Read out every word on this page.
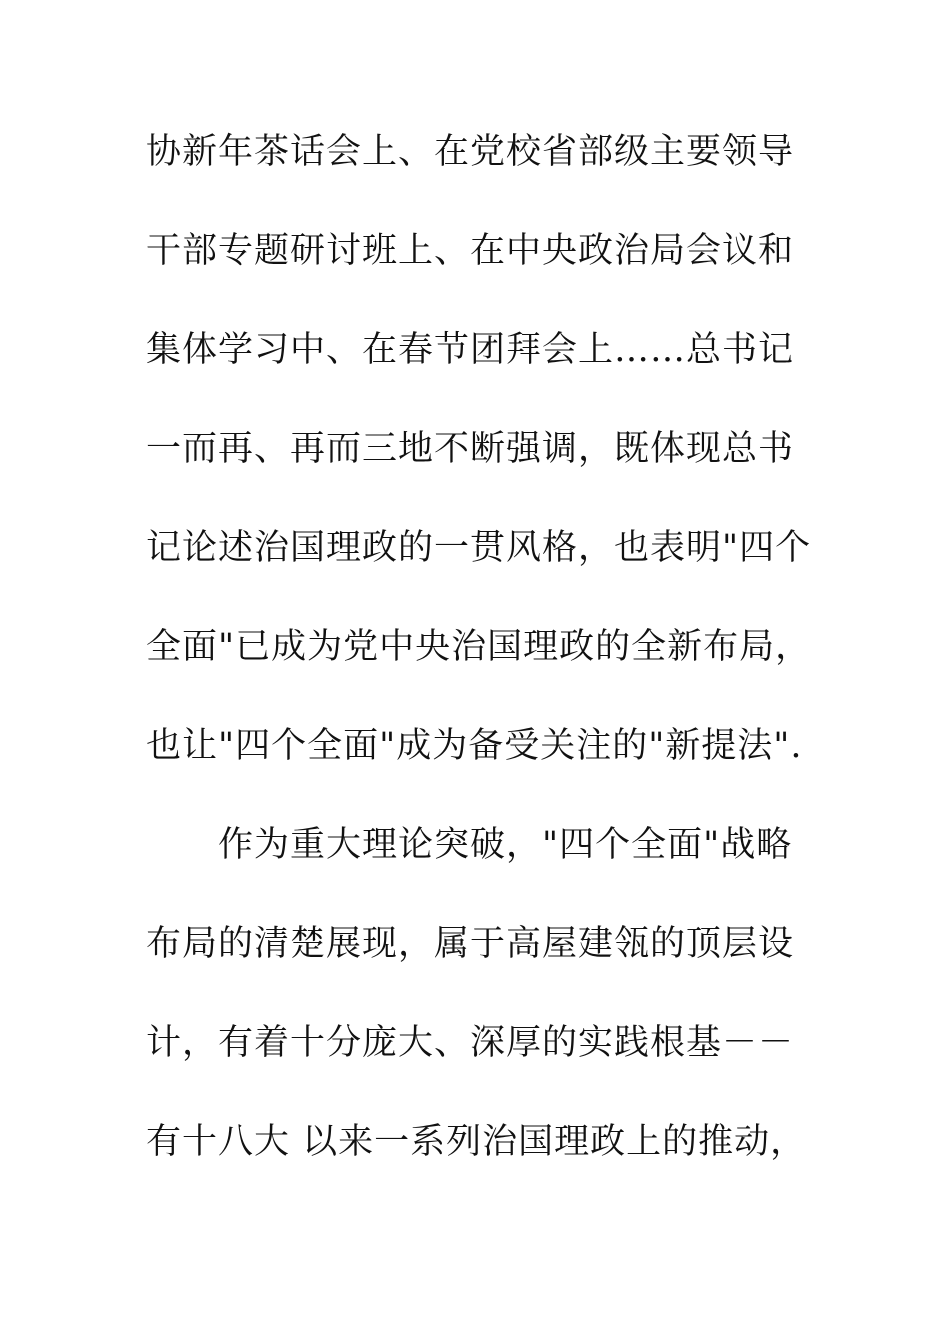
协新年茶话会上、在党校省部级主要领导
干部专题研讨班上、在中央政治局会议和
集体学习中、在春节团拜会上……总书记
一而再、再而三地不断强调，既体现总书
记论述治国理政的一贯风格，也表明"四个
全面"已成为党中央治国理政的全新布局，
也让"四个全面"成为备受关注的"新提法".
　　作为重大理论突破，"四个全面"战略
布局的清楚展现，属于高屋建瓴的顶层设
计，有着十分庞大、深厚的实践根基－－
有十八大 以来一系列治国理政上的推动，
